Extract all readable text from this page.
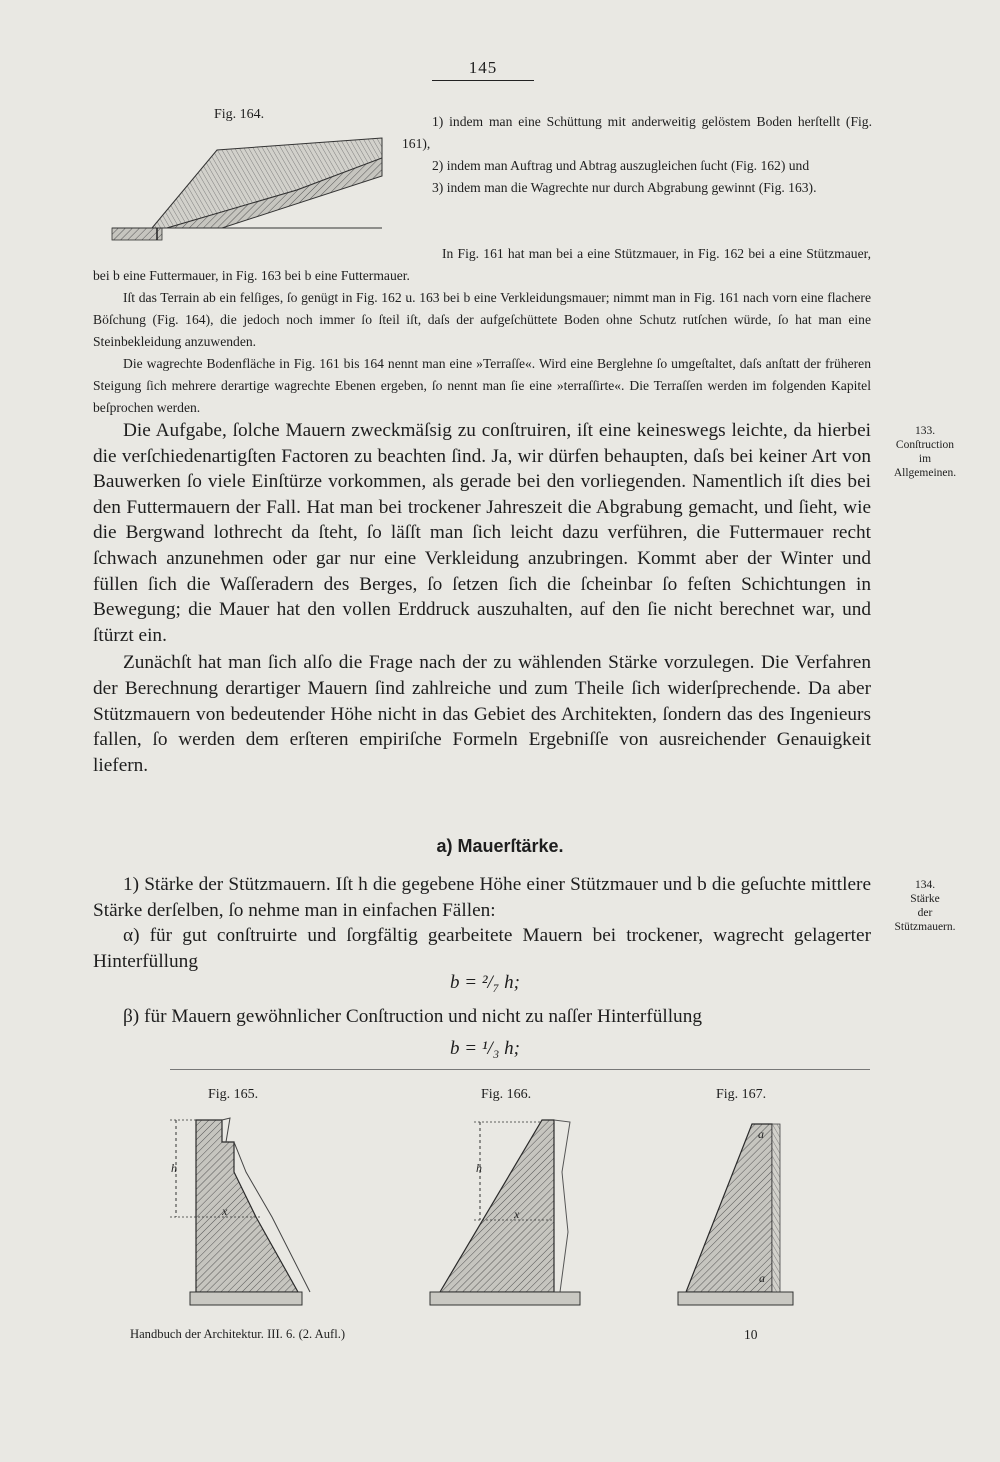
145
Fig. 164.	1) indem man eine Schüttung mit anderweitig gelöstem Boden herſtellt (Fig. 161),

2) indem man Auftrag und Abtrag auszugleichen ſucht (Fig. 162) und

3) indem man die Wagrechte nur durch Abgrabung gewinnt (Fig. 163).

In Fig. 161 hat man bei a eine Stützmauer, in Fig. 162 bei a eine Stützmauer, bei b eine Futtermauer, in Fig. 163 bei b eine Futtermauer.

Iſt das Terrain ab ein felſiges, ſo genügt in Fig. 162 u. 163 bei b eine Verkleidungsmauer; nimmt man in Fig. 161 nach vorn eine flachere Böſchung (Fig. 164), die jedoch noch immer ſo ſteil iſt, daſs der aufgeſchüttete Boden ohne Schutz rutſchen würde, ſo hat man eine Steinbekleidung anzuwenden.

Die wagrechte Bodenfläche in Fig. 161 bis 164 nennt man eine »Terraſſe«. Wird eine Berglehne ſo umgeſtaltet, daſs anſtatt der früheren Steigung ſich mehrere derartige wagrechte Ebenen ergeben, ſo nennt man ſie eine »terraſſirte«. Die Terraſſen werden im folgenden Kapitel beſprochen werden.

Die Aufgabe, ſolche Mauern zweckmäſsig zu conſtruiren, iſt eine keineswegs leichte, da hierbei die verſchiedenartigſten Factoren zu beachten ſind. Ja, wir dürfen behaupten, daſs bei keiner Art von Bauwerken ſo viele Einſtürze vorkommen, als gerade bei den vorliegenden. Namentlich iſt dies bei den Futtermauern der Fall. Hat man bei trockener Jahreszeit die Abgrabung gemacht, und ſieht, wie die Bergwand lothrecht da ſteht, ſo läſſt man ſich leicht dazu verführen, die Futtermauer recht ſchwach anzunehmen oder gar nur eine Verkleidung anzubringen. Kommt aber der Winter und füllen ſich die Waſſeradern des Berges, ſo ſetzen ſich die ſcheinbar ſo feſten Schichtungen in Bewegung; die Mauer hat den vollen Erddruck auszuhalten, auf den ſie nicht berechnet war, und ſtürzt ein.

Zunächſt hat man ſich alſo die Frage nach der zu wählenden Stärke vorzulegen. Die Verfahren der Berechnung derartiger Mauern ſind zahlreiche und zum Theile ſich widerſprechende. Da aber Stützmauern von bedeutender Höhe nicht in das Gebiet des Architekten, ſondern das des Ingenieurs fallen, ſo werden dem erſteren empiriſche Formeln Ergebniſſe von ausreichender Genauigkeit liefern.

133.
Conſtruction
im
Allgemeinen.
a) Mauerſtärke.

1) Stärke der Stützmauern. Iſt h die gegebene Höhe einer Stützmauer und b die geſuchte mittlere Stärke derſelben, ſo nehme man in einfachen Fällen:

α) für gut conſtruirte und ſorgfältig gearbeitete Mauern bei trockener, wagrecht gelagerter Hinterfüllung

134.
Stärke
der
Stützmauern.
b = ²/₇ h;

β) für Mauern gewöhnlicher Conſtruction und nicht zu naſſer Hinterfüllung

b = ¹/₃ h;
Fig. 165.
h
x
Fig. 166.
h
x
Fig. 167.
a
a
Handbuch der Architektur. III. 6. (2. Aufl.)	10
